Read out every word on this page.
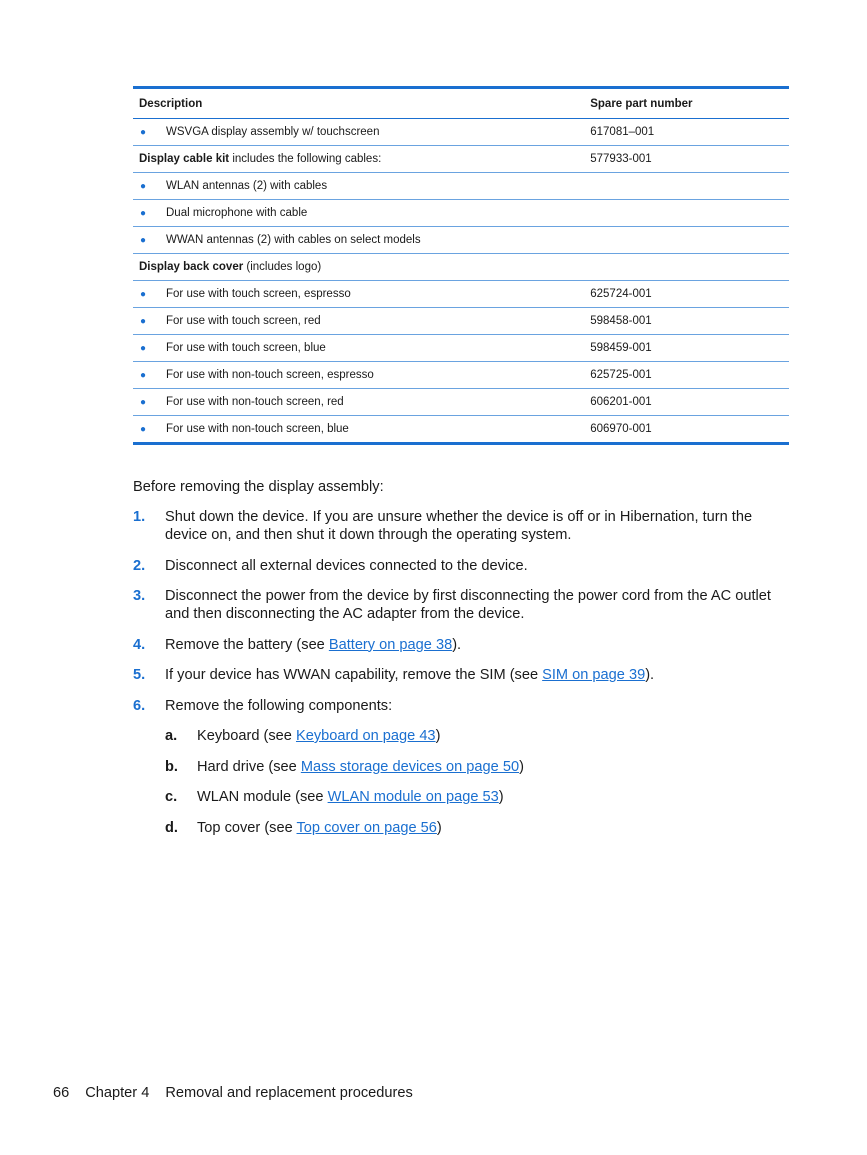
Description	Spare part number
●	WSVGA display assembly w/ touchscreen	617081–001
Display cable kit includes the following cables:	577933-001
●	WLAN antennas (2) with cables
●	Dual microphone with cable
●	WWAN antennas (2) with cables on select models
Display back cover (includes logo)
●	For use with touch screen, espresso	625724-001
●	For use with touch screen, red	598458-001
●	For use with touch screen, blue	598459-001
●	For use with non-touch screen, espresso	625725-001
●	For use with non-touch screen, red	606201-001
●	For use with non-touch screen, blue	606970-001
Before removing the display assembly:
1.	Shut down the device. If you are unsure whether the device is off or in Hibernation, turn the device on, and then shut it down through the operating system.
2.	Disconnect all external devices connected to the device.
3.	Disconnect the power from the device by first disconnecting the power cord from the AC outlet and then disconnecting the AC adapter from the device.
4.	Remove the battery (see Battery on page 38).
5.	If your device has WWAN capability, remove the SIM (see SIM on page 39).
6.	Remove the following components:
a.	Keyboard (see Keyboard on page 43)
b.	Hard drive (see Mass storage devices on page 50)
c.	WLAN module (see WLAN module on page 53)
d.	Top cover (see Top cover on page 56)
66 Chapter 4 Removal and replacement procedures
